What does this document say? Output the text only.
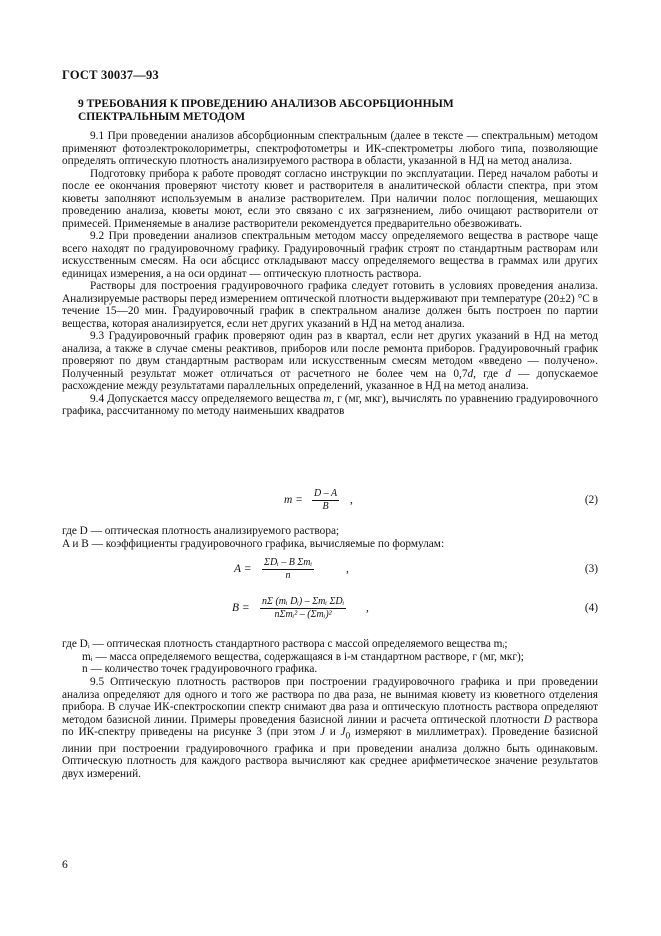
ГОСТ 30037—93
9 ТРЕБОВАНИЯ К ПРОВЕДЕНИЮ АНАЛИЗОВ АБСОРБЦИОННЫМ
СПЕКТРАЛЬНЫМ МЕТОДОМ

9.1 При проведении анализов абсорбционным спектральным (далее в тексте — спектральным) методом применяют фотоэлектроколориметры, спектрофотометры и ИК-спектрометры любого типа, позволяющие определять оптическую плотность анализируемого раствора в области, указанной в НД на метод анализа.

Подготовку прибора к работе проводят согласно инструкции по эксплуатации. Перед началом работы и после ее окончания проверяют чистоту кювет и растворителя в аналитической области спектра, при этом кюветы заполняют используемым в анализе растворителем. При наличии полос поглощения, мешающих проведению анализа, кюветы моют, если это связано с их загрязнением, либо очищают растворители от примесей. Применяемые в анализе растворители рекомендуется предварительно обезвоживать.

9.2 При проведении анализов спектральным методом массу определяемого вещества в растворе чаще всего находят по градуировочному графику. Градуировочный график строят по стандартным растворам или искусственным смесям. На оси абсцисс откладывают массу определяемого вещества в граммах или других единицах измерения, а на оси ординат — оптическую плотность раствора.

Растворы для построения градуировочного графика следует готовить в условиях проведения анализа. Анализируемые растворы перед измерением оптической плотности выдерживают при температуре (20±2) °С в течение 15—20 мин. Градуировочный график в спектральном анализе должен быть построен по партии вещества, которая анализируется, если нет других указаний в НД на метод анализа.

9.3 Градуировочный график проверяют один раз в квартал, если нет других указаний в НД на метод анализа, а также в случае смены реактивов, приборов или после ремонта приборов. Градуировочный график проверяют по двум стандартным растворам или искусственным смесям методом «введено — получено». Полученный результат может отличаться от расчетного не более чем на 0,7d, где d — допускаемое расхождение между результатами параллельных определений, указанное в НД на метод анализа.

9.4 Допускается массу определяемого вещества m, г (мг, мкг), вычислять по уравнению градуировочного графика, рассчитанному по методу наименьших квадратов

$m = \frac{D - A}{B}$ ,	(2)
где D — оптическая плотность анализируемого раствора;
A и B — коэффициенты градуировочного графика, вычисляемые по формулам:
A =
ΣDᵢ – B Σmᵢ
n
,	(3)
B =
nΣ (mᵢ Dᵢ) – Σmᵢ ΣDᵢ
nΣmᵢ² – (Σmᵢ)²
,	(4)
где Dᵢ — оптическая плотность стандартного раствора с массой определяемого вещества mᵢ;
mᵢ — масса определяемого вещества, содержащаяся в i-м стандартном растворе, г (мг, мкг);
n — количество точек градуировочного графика.

9.5 Оптическую плотность растворов при построении градуировочного графика и при проведении анализа определяют для одного и того же раствора по два раза, не вынимая кювету из кюветного отделения прибора. В случае ИК-спектроскопии спектр снимают два раза и оптическую плотность раствора определяют методом базисной линии. Примеры проведения базисной линии и расчета оптической плотности D раствора по ИК-спектру приведены на рисунке 3 (при этом J и $J_0$ измеряют в миллиметрах). Проведение базисной линии при построении градуировочного графика и при проведении анализа должно быть одинаковым. Оптическую плотность для каждого раствора вычисляют как среднее арифметическое значение результатов двух измерений.

6
